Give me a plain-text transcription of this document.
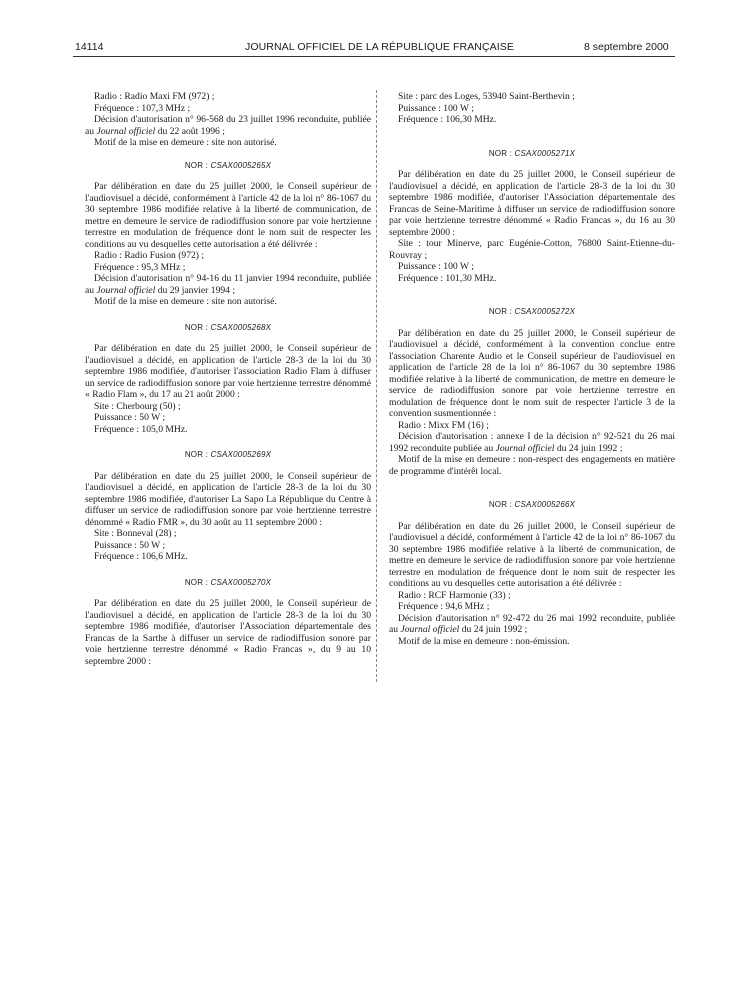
14114	JOURNAL OFFICIEL DE LA RÉPUBLIQUE FRANÇAISE	8 septembre 2000

Radio : Radio Maxi FM (972) ;

Fréquence : 107,3 MHz ;

Décision d'autorisation n° 96-568 du 23 juillet 1996 reconduite, publiée au Journal officiel du 22 août 1996 ;

Motif de la mise en demeure : site non autorisé.

NOR : CSAX0005265X

Par délibération en date du 25 juillet 2000, le Conseil supérieur de l'audiovisuel a décidé, conformément à l'article 42 de la loi n° 86-1067 du 30 septembre 1986 modifiée relative à la liberté de communication, de mettre en demeure le service de radiodiffusion sonore par voie hertzienne terrestre en modulation de fréquence dont le nom suit de respecter les conditions au vu desquelles cette autorisation a été délivrée :

Radio : Radio Fusion (972) ;

Fréquence : 95,3 MHz ;

Décision d'autorisation n° 94-16 du 11 janvier 1994 reconduite, publiée au Journal officiel du 29 janvier 1994 ;

Motif de la mise en demeure : site non autorisé.

NOR : CSAX0005268X

Par délibération en date du 25 juillet 2000, le Conseil supérieur de l'audiovisuel a décidé, en application de l'article 28-3 de la loi du 30 septembre 1986 modifiée, d'autoriser l'association Radio Flam à diffuser un service de radiodiffusion sonore par voie hertzienne terrestre dénommé « Radio Flam », du 17 au 21 août 2000 :

Site : Cherbourg (50) ;

Puissance : 50 W ;

Fréquence : 105,0 MHz.

NOR : CSAX0005269X

Par délibération en date du 25 juillet 2000, le Conseil supérieur de l'audiovisuel a décidé, en application de l'article 28-3 de la loi du 30 septembre 1986 modifiée, d'autoriser La Sapo La République du Centre à diffuser un service de radiodiffusion sonore par voie hertzienne terrestre dénommé « Radio FMR », du 30 août au 11 septembre 2000 :

Site : Bonneval (28) ;

Puissance : 50 W ;

Fréquence : 106,6 MHz.

NOR : CSAX0005270X

Par délibération en date du 25 juillet 2000, le Conseil supérieur de l'audiovisuel a décidé, en application de l'article 28-3 de la loi du 30 septembre 1986 modifiée, d'autoriser l'Association départementale des Francas de la Sarthe à diffuser un service de radiodiffusion sonore par voie hertzienne terrestre dénommé « Radio Francas », du 9 au 10 septembre 2000 :

Site : parc des Loges, 53940 Saint-Berthevin ;

Puissance : 100 W ;

Fréquence : 106,30 MHz.

NOR : CSAX0005271X

Par délibération en date du 25 juillet 2000, le Conseil supérieur de l'audiovisuel a décidé, en application de l'article 28-3 de la loi du 30 septembre 1986 modifiée, d'autoriser l'Association départementale des Francas de Seine-Maritime à diffuser un service de radiodiffusion sonore par voie hertzienne terrestre dénommé « Radio Francas », du 16 au 30 septembre 2000 :

Site : tour Minerve, parc Eugénie-Cotton, 76800 Saint-Etienne-du-Rouvray ;

Puissance : 100 W ;

Fréquence : 101,30 MHz.

NOR : CSAX0005272X

Par délibération en date du 25 juillet 2000, le Conseil supérieur de l'audiovisuel a décidé, conformément à la convention conclue entre l'association Charente Audio et le Conseil supérieur de l'audiovisuel en application de l'article 28 de la loi n° 86-1067 du 30 septembre 1986 modifiée relative à la liberté de communication, de mettre en demeure le service de radiodiffusion sonore par voie hertzienne terrestre en modulation de fréquence dont le nom suit de respecter l'article 3 de la convention susmentionnée :

Radio : Mixx FM (16) ;

Décision d'autorisation : annexe I de la décision n° 92-521 du 26 mai 1992 reconduite publiée au Journal officiel du 24 juin 1992 ;

Motif de la mise en demeure : non-respect des engagements en matière de programme d'intérêt local.

NOR : CSAX0005266X

Par délibération en date du 26 juillet 2000, le Conseil supérieur de l'audiovisuel a décidé, conformément à l'article 42 de la loi n° 86-1067 du 30 septembre 1986 modifiée relative à la liberté de communication, de mettre en demeure le service de radiodiffusion sonore par voie hertzienne terrestre en modulation de fréquence dont le nom suit de respecter les conditions au vu desquelles cette autorisation a été délivrée :

Radio : RCF Harmonie (33) ;

Fréquence : 94,6 MHz ;

Décision d'autorisation n° 92-472 du 26 mai 1992 reconduite, publiée au Journal officiel du 24 juin 1992 ;

Motif de la mise en demeure : non-émission.
